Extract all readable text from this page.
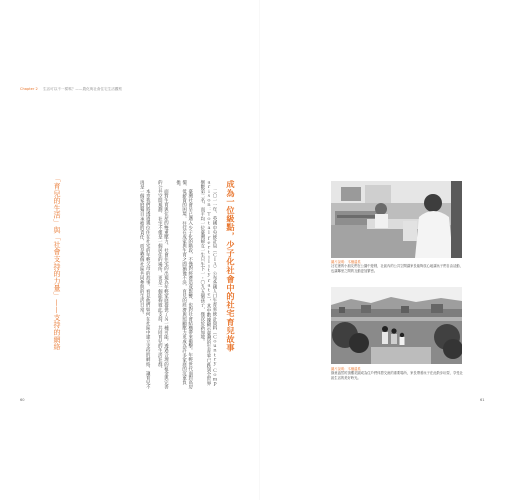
Chapter 2 生活可以不一樣嗎？——農化與社會住宅生活觀察
成為一位級點，少子化社會中的社宅育兒故事

二〇一一年，英國中央統計局（ＣＩＡ）公布各國人口生育率統計資料（Ｃｏｕｎｔｒｙ Ｃｏｍｐａｒｉｓｏｎ：Ｔｏｔａｌ ｆｅｒｔｉｌｉｔｙ ｒａｔｅ），其中數據顯示臺灣的生育率已跌到全世界倒數第二名，而平均一位臺灣婦女一生只生下一・〇九五個孩子，僅次於新加坡。

臺灣社會早已邁入少子化的階段，不僅對經濟造成影響，也對社會結構帶來衝擊。年輕世代面對高房價、低薪資的困境，往往在成家與生育之間猶豫不決，育兒的經濟與照顧壓力更成為許多家庭的沉重負擔。

面對生育與住屋的雙重壓力，社會住宅的出現為年輕家庭提供了另一種可能。透過合理的租金與完善的公共空間規劃，社宅不僅是一個居住的場所，更是一個能夠彼此支持、共同育兒的生活社群。

本章我們將透過幾位住在社宅的年輕父母的故事，看見他們如何在社區中建立支持的網絡，讓育兒不再是一個家庭獨自承擔的責任，而是整個社區共同參與的生活日常。

「育兒的生活」與「社會支持的力量」——支持的網絡	圖片說明：木柵溫柔
社宅裡的小朋友們在公園中遊戲，社區內的公共空間讓家長能夠放心地讓孩子們自由活動，也讓鄰里之間的互動更加緊密。
圖片說明：木柵溫柔
綠意盎然的頂樓花園成為住戶們休憩交流的重要場所，家長帶著孩子在此散步玩耍，享受社區生活的美好時光。
60	61
